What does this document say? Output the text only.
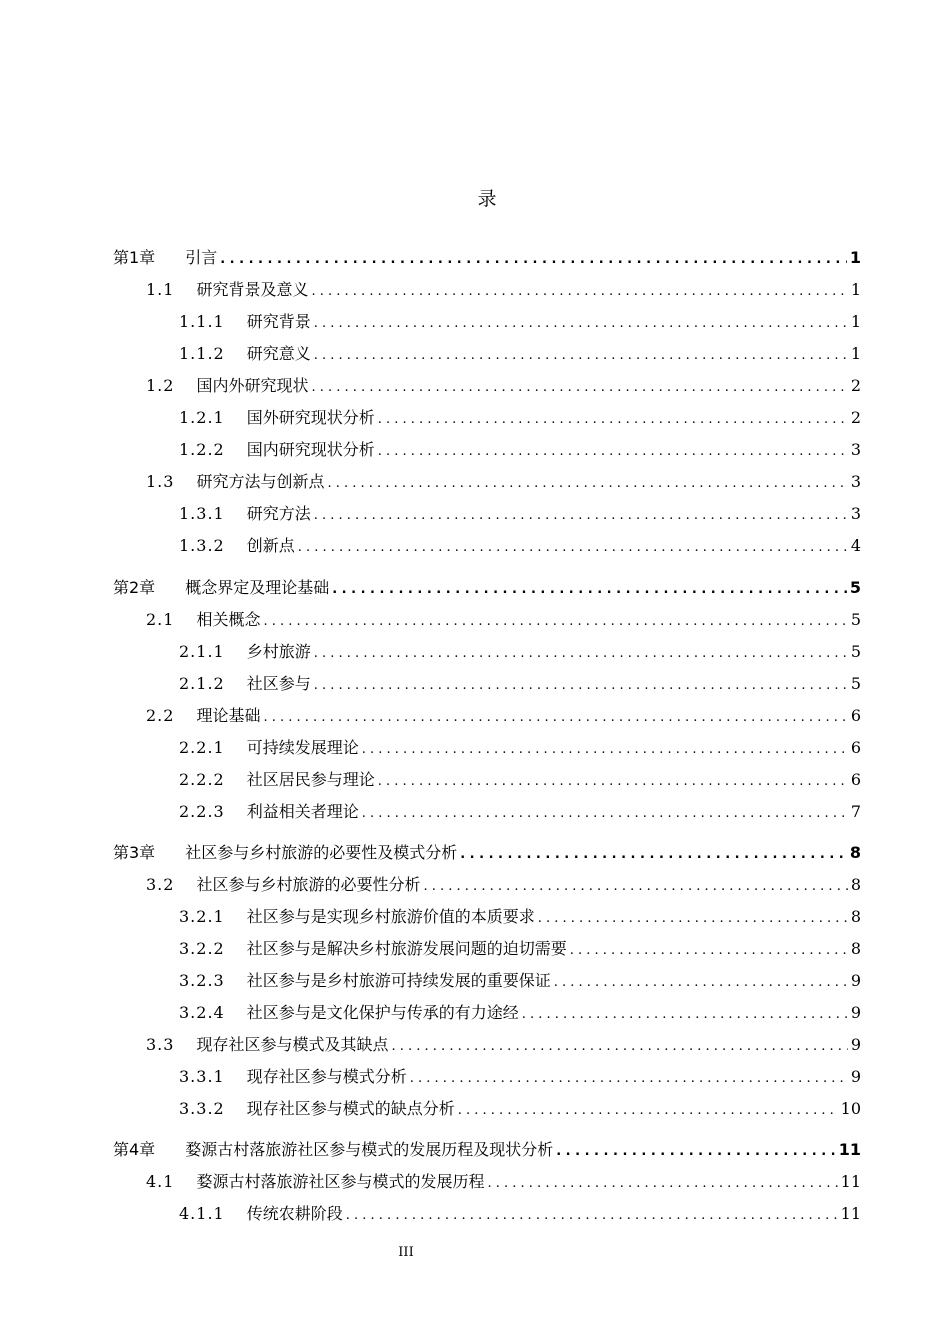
录
第1章 引言 . . .	1
1.1 研究背景及意义 . . .	1
1.1.1 研究背景 . . .	1
1.1.2 研究意义 . . .	1
1.2 国内外研究现状 . . .	2
1.2.1 国外研究现状分析 . . .	2
1.2.2 国内研究现状分析 . . .	3
1.3 研究方法与创新点 . . .	3
1.3.1 研究方法 . . .	3
1.3.2 创新点 . . .	4
第2章 概念界定及理论基础 . . .	5
2.1 相关概念 . . .	5
2.1.1 乡村旅游 . . .	5
2.1.2 社区参与 . . .	5
2.2 理论基础 . . .	6
2.2.1 可持续发展理论 . . .	6
2.2.2 社区居民参与理论 . . .	6
2.2.3 利益相关者理论 . . .	7
第3章 社区参与乡村旅游的必要性及模式分析 . . .	8
3.2 社区参与乡村旅游的必要性分析 . . .	8
3.2.1 社区参与是实现乡村旅游价值的本质要求 . . .	8
3.2.2 社区参与是解决乡村旅游发展问题的迫切需要 . . .	8
3.2.3 社区参与是乡村旅游可持续发展的重要保证 . . .	9
3.2.4 社区参与是文化保护与传承的有力途经 . . .	9
3.3 现存社区参与模式及其缺点 . . .	9
3.3.1 现存社区参与模式分析 . . .	9
3.3.2 现存社区参与模式的缺点分析 . . .	10
第4章 婺源古村落旅游社区参与模式的发展历程及现状分析 . . .	11
4.1 婺源古村落旅游社区参与模式的发展历程 . . .	11
4.1.1 传统农耕阶段 . . .	11
III
